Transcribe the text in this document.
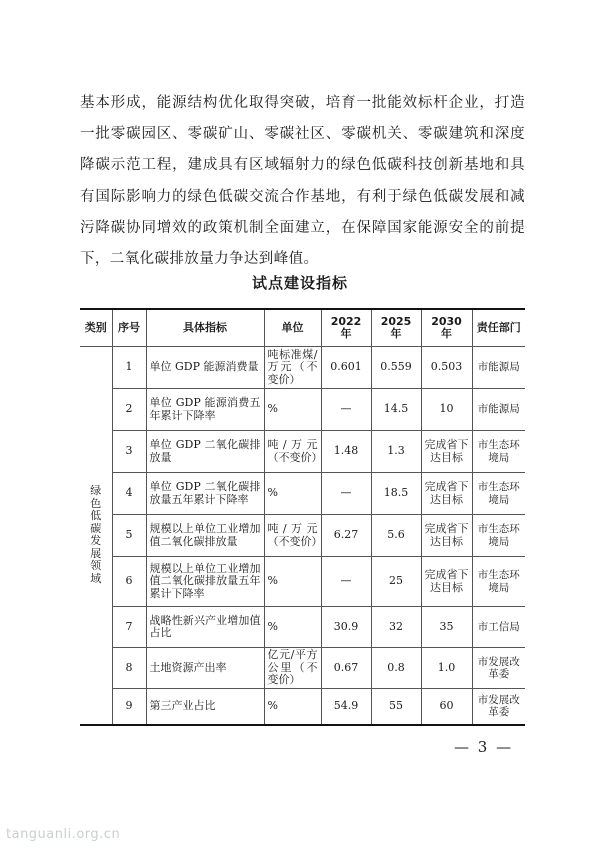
基本形成，能源结构优化取得突破，培育一批能效标杆企业，打造一批零碳园区、零碳矿山、零碳社区、零碳机关、零碳建筑和深度降碳示范工程，建成具有区域辐射力的绿色低碳科技创新基地和具有国际影响力的绿色低碳交流合作基地，有利于绿色低碳发展和减污降碳协同增效的政策机制全面建立，在保障国家能源安全的前提下，二氧化碳排放量力争达到峰值。

试点建设指标
类别	序号	具体指标	单位	2022 年	2025 年	2030 年	责任部门
绿色低碳发展领域	1	单位 GDP 能源消费量	吨标准煤/万元（不变价）	0.601	0.559	0.503	市能源局
	2	单位 GDP 能源消费五年累计下降率	%	—	14.5	10	市能源局
	3	单位 GDP 二氧化碳排放量	吨/万元（不变价）	1.48	1.3	完成省下达目标	市生态环境局
	4	单位 GDP 二氧化碳排放量五年累计下降率	%	—	18.5	完成省下达目标	市生态环境局
	5	规模以上单位工业增加值二氧化碳排放量	吨/万元（不变价）	6.27	5.6	完成省下达目标	市生态环境局
	6	规模以上单位工业增加值二氧化碳排放量五年累计下降率	%	—	25	完成省下达目标	市生态环境局
	7	战略性新兴产业增加值占比	%	30.9	32	35	市工信局
	8	土地资源产出率	亿元/平方公里（不变价）	0.67	0.8	1.0	市发展改革委
	9	第三产业占比	%	54.9	55	60	市发展改革委
— 3 —
tanguanli.org.cn
